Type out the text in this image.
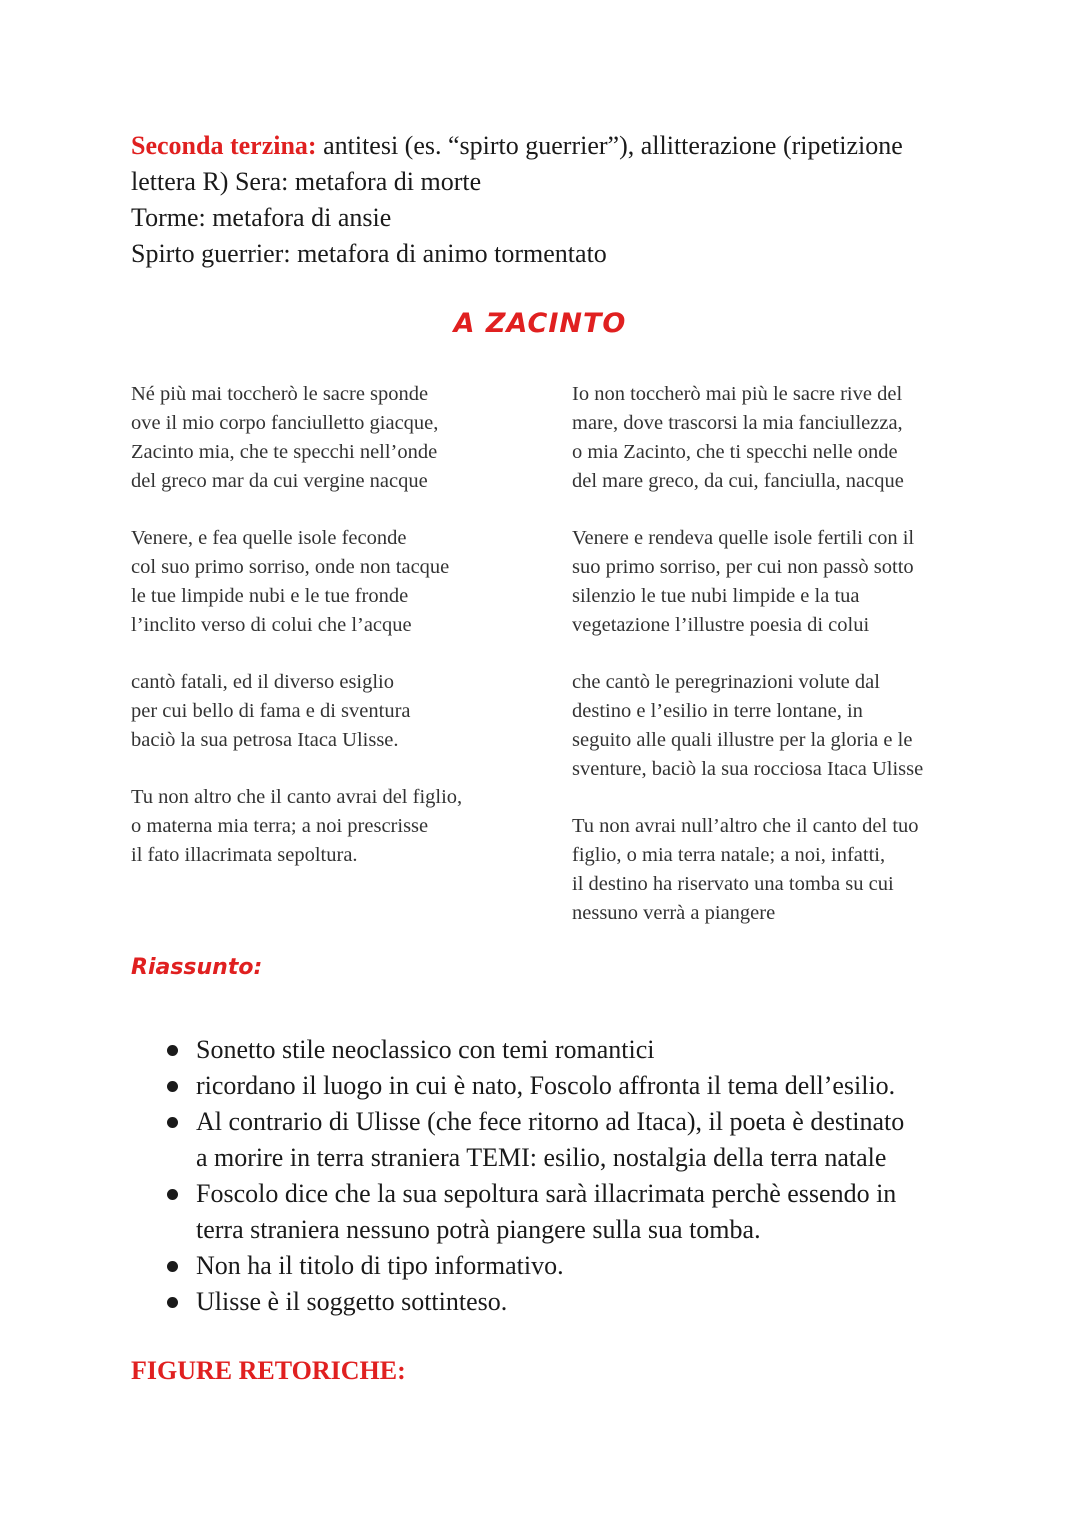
Seconda terzina: antitesi (es. “spirto guerrier”), allitterazione (ripetizione

lettera R) Sera: metafora di morte

Torme: metafora di ansie

Spirto guerrier: metafora di animo tormentato

A ZACINTO
Né più mai toccherò le sacre sponde
ove il mio corpo fanciulletto giacque,
Zacinto mia, che te specchi nell’onde
del greco mar da cui vergine nacque
Venere, e fea quelle isole feconde
col suo primo sorriso, onde non tacque
le tue limpide nubi e le tue fronde
l’inclito verso di colui che l’acque
cantò fatali, ed il diverso esiglio
per cui bello di fama e di sventura
baciò la sua petrosa Itaca Ulisse.
Tu non altro che il canto avrai del figlio,
o materna mia terra; a noi prescrisse
il fato illacrimata sepoltura.
Io non toccherò mai più le sacre rive del
mare, dove trascorsi la mia fanciullezza,
o mia Zacinto, che ti specchi nelle onde
del mare greco, da cui, fanciulla, nacque
Venere e rendeva quelle isole fertili con il
suo primo sorriso, per cui non passò sotto
silenzio le tue nubi limpide e la tua
vegetazione l’illustre poesia di colui
che cantò le peregrinazioni volute dal
destino e l’esilio in terre lontane, in
seguito alle quali illustre per la gloria e le
sventure, baciò la sua rocciosa Itaca Ulisse
Tu non avrai null’altro che il canto del tuo
figlio, o mia terra natale; a noi, infatti,
il destino ha riservato una tomba su cui
nessuno verrà a piangere
Riassunto:
Sonetto stile neoclassico con temi romantici
ricordano il luogo in cui è nato, Foscolo affronta il tema dell’esilio.
Al contrario di Ulisse (che fece ritorno ad Itaca), il poeta è destinato
a morire in terra straniera TEMI: esilio, nostalgia della terra natale
Foscolo dice che la sua sepoltura sarà illacrimata perchè essendo in
terra straniera nessuno potrà piangere sulla sua tomba.
Non ha il titolo di tipo informativo.
Ulisse è il soggetto sottinteso.
FIGURE RETORICHE:
